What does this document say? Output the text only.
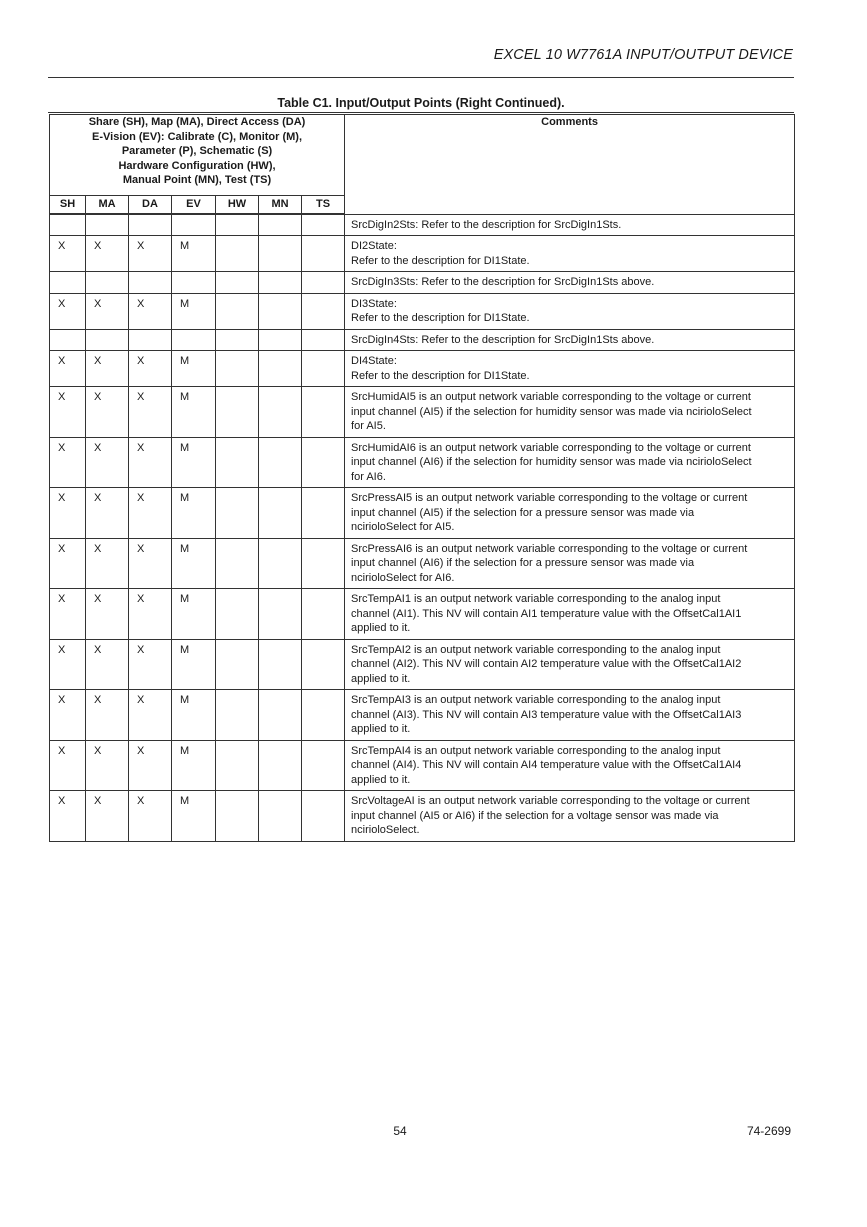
EXCEL 10 W7761A INPUT/OUTPUT DEVICE
Table C1. Input/Output Points (Right Continued).
Share (SH), Map (MA), Direct Access (DA)
E-Vision (EV): Calibrate (C), Monitor (M),
Parameter (P), Schematic (S)
Hardware Configuration (HW),
Manual Point (MN), Test (TS)							Comments

SH	MA	DA	EV	HW	MN	TS	
							SrcDigIn2Sts: Refer to the description for SrcDigIn1Sts.
X	X	X	M				DI2State:
Refer to the description for DI1State.
							SrcDigIn3Sts: Refer to the description for SrcDigIn1Sts above.
X	X	X	M				DI3State:
Refer to the description for DI1State.
							SrcDigIn4Sts: Refer to the description for SrcDigIn1Sts above.
X	X	X	M				DI4State:
Refer to the description for DI1State.
X	X	X	M				SrcHumidAI5 is an output network variable corresponding to the voltage or current
input channel (AI5) if the selection for humidity sensor was made via nciriolоSelect
for AI5.
X	X	X	M				SrcHumidAI6 is an output network variable corresponding to the voltage or current
input channel (AI6) if the selection for humidity sensor was made via nciriolоSelect
for AI6.
X	X	X	M				SrcPressAI5 is an output network variable corresponding to the voltage or current
input channel (AI5) if the selection for a pressure sensor was made via
nciriolоSelect for AI5.
X	X	X	M				SrcPressAI6 is an output network variable corresponding to the voltage or current
input channel (AI6) if the selection for a pressure sensor was made via
nciriolоSelect for AI6.
X	X	X	M				SrcTempAI1 is an output network variable corresponding to the analog input
channel (AI1). This NV will contain AI1 temperature value with the OffsetCal1AI1
applied to it.
X	X	X	M				SrcTempAI2 is an output network variable corresponding to the analog input
channel (AI2). This NV will contain AI2 temperature value with the OffsetCal1AI2
applied to it.
X	X	X	M				SrcTempAI3 is an output network variable corresponding to the analog input
channel (AI3). This NV will contain AI3 temperature value with the OffsetCal1AI3
applied to it.
X	X	X	M				SrcTempAI4 is an output network variable corresponding to the analog input
channel (AI4). This NV will contain AI4 temperature value with the OffsetCal1AI4
applied to it.
X	X	X	M				SrcVoltageAI is an output network variable corresponding to the voltage or current
input channel (AI5 or AI6) if the selection for a voltage sensor was made via
nciriolоSelect.
54	74-2699
